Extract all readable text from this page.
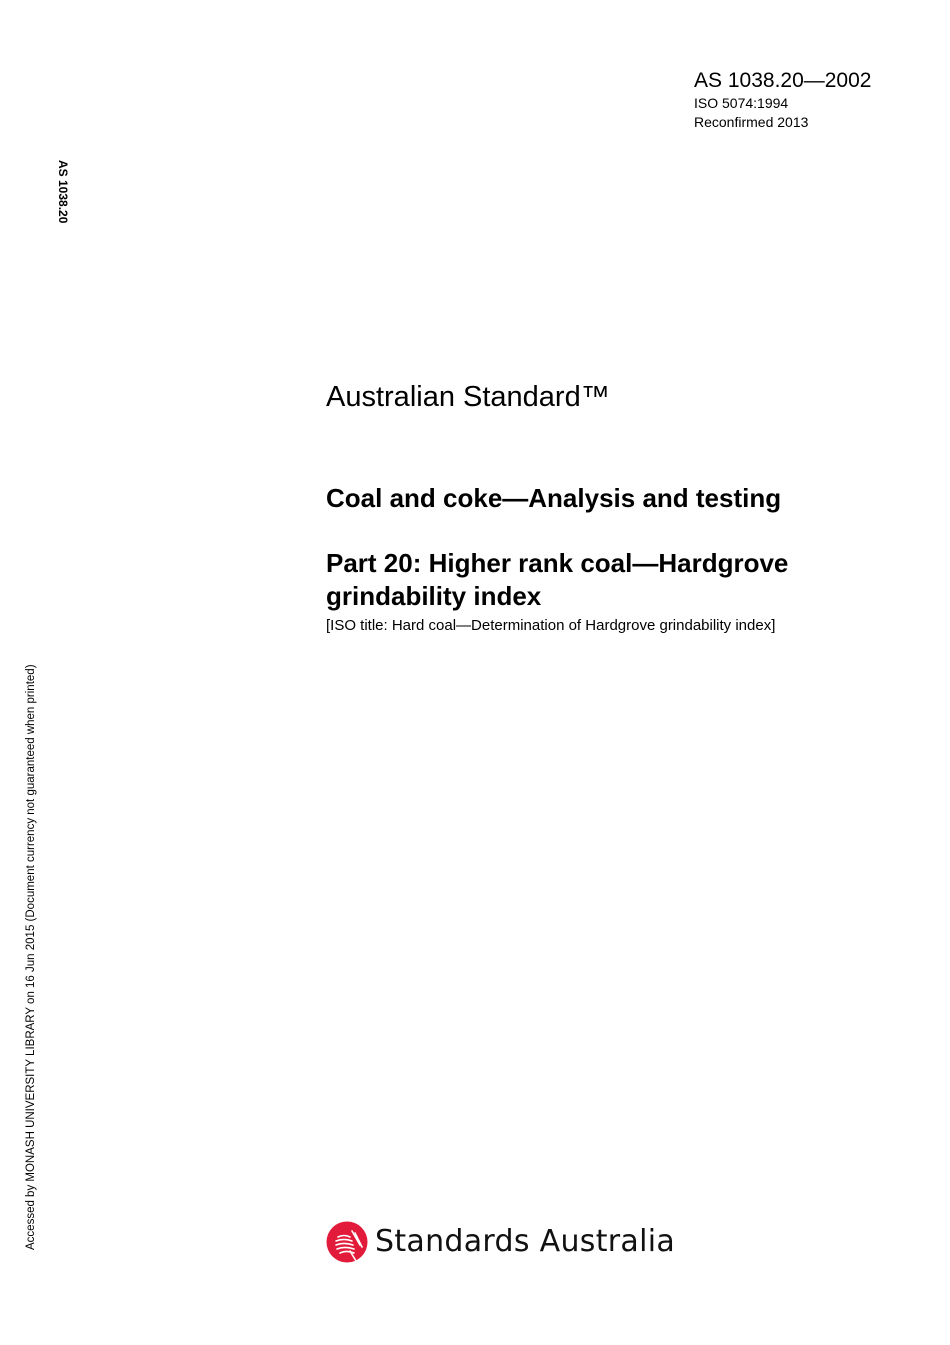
AS 1038.20—2002
ISO 5074:1994
Reconfirmed 2013
AS 1038.20
Accessed by MONASH UNIVERSITY LIBRARY on 16 Jun 2015 (Document currency not guaranteed when printed)
Australian Standard™
Coal and coke—Analysis and testing
Part 20: Higher rank coal—Hardgrove grindability index
[ISO title: Hard coal—Determination of Hardgrove grindability index]
Standards Australia
